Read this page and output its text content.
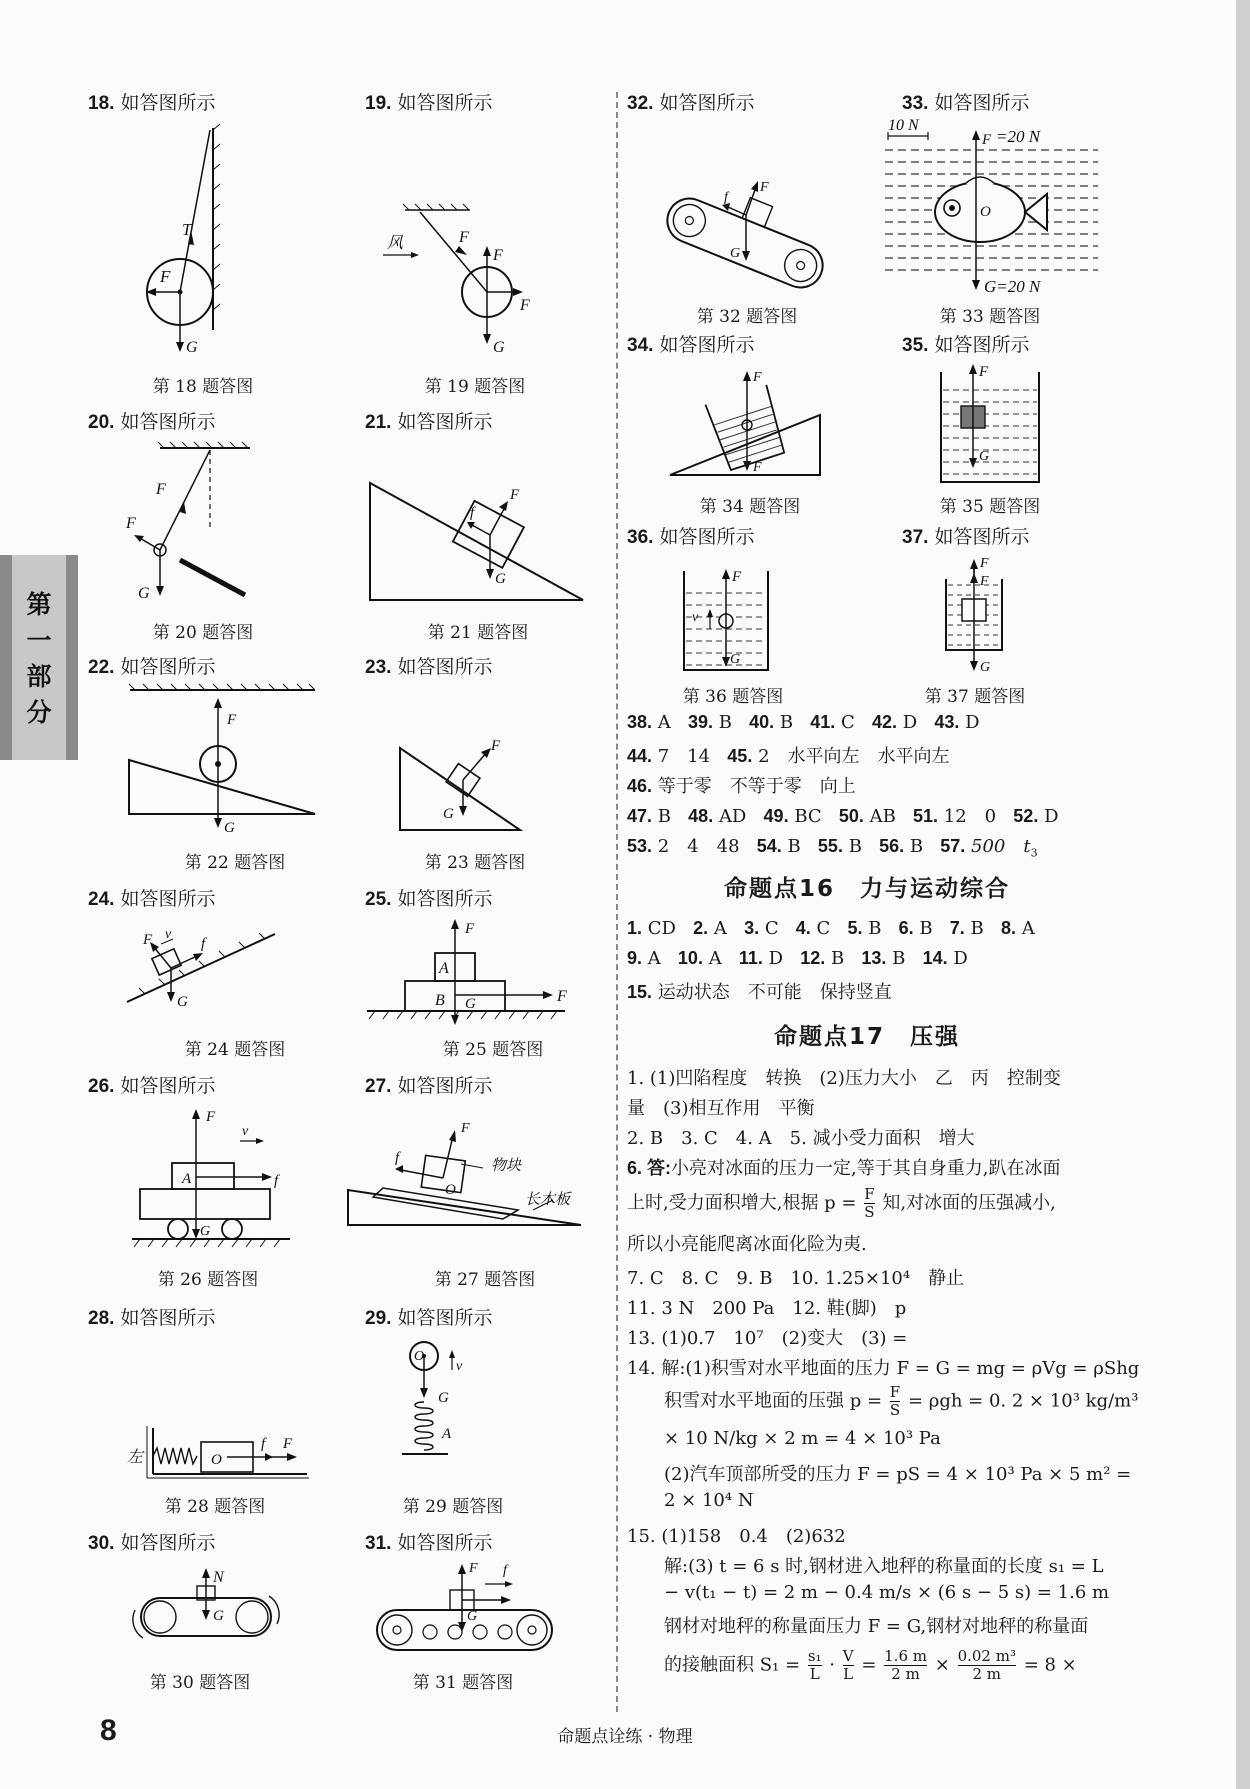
第一部分
18. 如答图所示	19. 如答图所示
T
F
G
第 18 题答图
风	F
F
F
G
第 19 题答图
20. 如答图所示	21. 如答图所示
F
F
G
第 20 题答图
F
f
G
第 21 题答图
22. 如答图所示	23. 如答图所示
F
G
第 22 题答图
F
G
第 23 题答图
24. 如答图所示	25. 如答图所示
F v
f
G
第 24 题答图
A
B
F
G	F
第 25 题答图
26. 如答图所示	27. 如答图所示
A
F
v
f
G
第 26 题答图
F
f
O
物块
长木板
第 27 题答图
28. 如答图所示	29. 如答图所示
左	O
f F
第 28 题答图
O
v
G
A
第 29 题答图
30. 如答图所示	31. 如答图所示
N
G
第 30 题答图
F f
G
第 31 题答图
32. 如答图所示	33. 如答图所示
F
f
G
第 32 题答图
10 N
O
F =20 N
G=20 N
第 33 题答图
34. 如答图所示	35. 如答图所示
F
F
第 34 题答图
F
G
第 35 题答图
36. 如答图所示	37. 如答图所示
F
v
G
第 36 题答图
F
F
G
第 37 题答图
38. A 39. B 40. B 41. C 42. D 43. D
44. 7　14 45. 2　水平向左　水平向左
46. 等于零　不等于零　向上
47. B 48. AD 49. BC 50. AB 51. 12　0 52. D
53. 2　4　48 54. B 55. B 56. B 57. 500　$t_3$
命题点16　力与运动综合
1. CD 2. A 3. C 4. C 5. B 6. B 7. B 8. A
9. A 10. A 11. D 12. B 13. B 14. D
15. 运动状态　不可能　保持竖直
命题点17　压强
1. (1)凹陷程度　转换　(2)压力大小　乙　丙　控制变
量　(3)相互作用　平衡
2. B　3. C　4. A　5. 减小受力面积　增大
6. 答:小亮对冰面的压力一定,等于其自身重力,趴在冰面
上时,受力面积增大,根据 $p = \frac{F}{S}$ 知,对冰面的压强减小,
所以小亮能爬离冰面化险为夷.
7. C　8. C　9. B　10. 1.25×10⁴　静止
11. 3 N　200 Pa　12. 鞋(脚)　p
13. (1)0.7　10⁷　(2)变大　(3) =
14. 解:(1)积雪对水平地面的压力 F = G = mg = ρVg = ρShg
积雪对水平地面的压强 $p = \frac{F}{S} = \rho gh = 0$. 2 × 10³ kg/m³
× 10 N/kg × 2 m = 4 × 10³ Pa
(2)汽车顶部所受的压力 F = pS = 4 × 10³ Pa × 5 m² =
2 × 10⁴ N
15. (1)158　0.4　(2)632
解:(3) t = 6 s 时,钢材进入地秤的称量面的长度 s₁ = L
− v(t₁ − t) = 2 m − 0.4 m/s × (6 s − 5 s) = 1.6 m
钢材对地秤的称量面压力 F = G,钢材对地秤的称量面
的接触面积 $S_1 = \frac{\text{s₁}}{L} \cdot \frac{V}{L} = \frac{1.6 m}{2 m} \times \frac{\text{0.02 m³}}{2 m} = 8$ ×
8	命题点诠练 · 物理
